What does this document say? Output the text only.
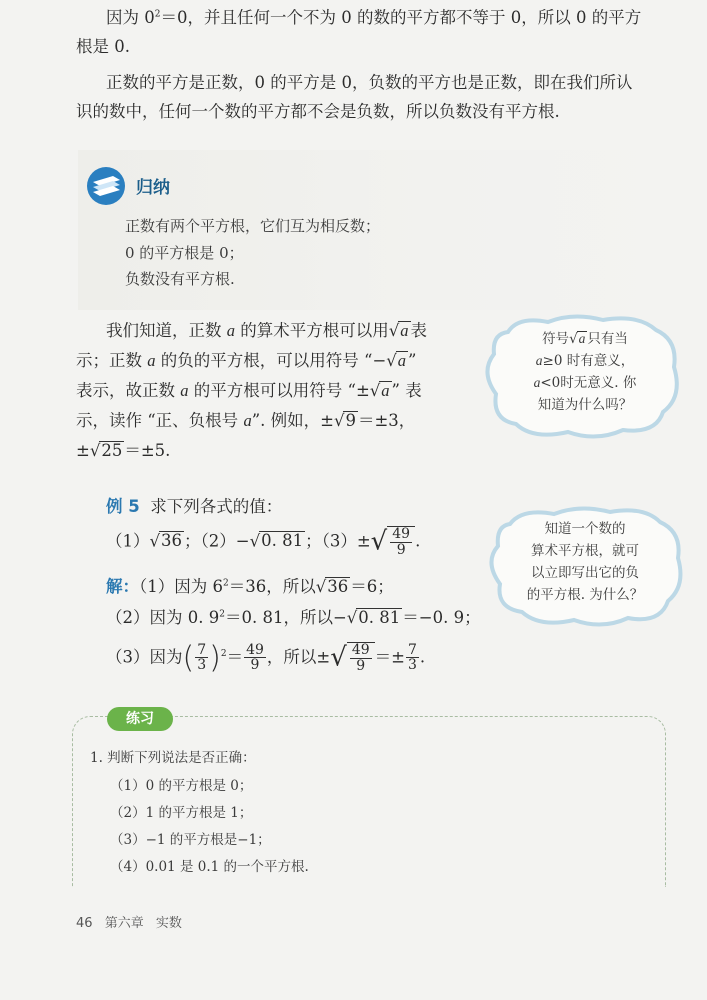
因为 $0^2=0$，并且任何一个不为 0 的数的平方都不等于 0，所以 0 的平方
根是 0.
正数的平方是正数，0 的平方是 0，负数的平方也是正数，即在我们所认
识的数中，任何一个数的平方都不会是负数，所以负数没有平方根.
归纳
正数有两个平方根，它们互为相反数；
0 的平方根是 0；
负数没有平方根.
我们知道，正数 a 的算术平方根可以用√a 表
示；正数 a 的负的平方根，可以用符号 “−√a ”
表示，故正数 a 的平方根可以用符号 “±√a ” 表
示，读作 “正、负根号 a”. 例如，±√9 ＝±3，
±√25 ＝±5.
符号√a 只有当
a≥0 时有意义，
a<0时无意义. 你
知道为什么吗？
例 5 求下列各式的值：
（1）√36 ；（2）−√0. 81 ；$(3)\pm√ \frac{49}{9}$ .
解：（1）因为 $6^2=36$，所以√36 ＝6；
（2）因为 0. $9^2=0$. 81，所以−√0. 81 ＝−0. 9；
（3）因为( $\frac{7}{3} )^2= \frac{49}{9}$ ，所以±√ $\frac{49}{9} =\pm \frac{7}{3}$ .
知道一个数的
算术平方根，就可
以立即写出它的负
的平方根. 为什么？
练习
1. 判断下列说法是否正确：
（1）0 的平方根是 0；
（2）1 的平方根是 1；
（3）−1 的平方根是−1；
（4）0.01 是 0.1 的一个平方根.
46 第六章 实数
